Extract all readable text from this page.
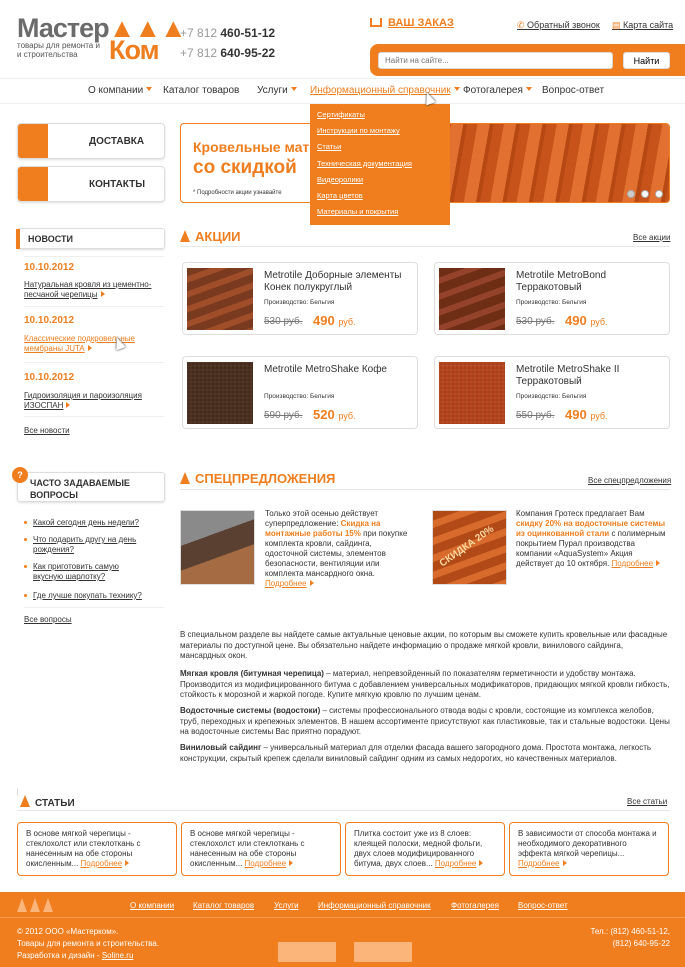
Мастер▲▲▲
товары для ремонта и
и строительства Ком
+7 812 460-51-12
+7 812 640-95-22
ВАШ ЗАКАЗ	✆ Обратный звонок ▤ Карта сайта
Найти на сайте...
Найти
О компании	Каталог товаров Услуги	Информационный справочник	Фотогалерея	Вопрос-ответ
ДОСТАВКА
КОНТАКТЫ
НОВОСТИ
10.10.2012
Натуральная кровля из цементно-песчаной черепицы
10.10.2012
Классические подкровельные мембраны JUTA
10.10.2012
Гидроизоляция и пароизоляция ИЗОСПАН
Все новости
ЧАСТО ЗАДАВАЕМЫЕ ВОПРОСЫ
?
Какой сегодня день недели?
Что подарить другу на день рождения?
Как приготовить самую вкусную шарлотку?
Где лучше покупать технику?
Все вопросы
Кровельные мат
со скидкой
* Подробности акции узнавайте
Сертификаты
Инструкции по монтажу
Статьи
Техническая документация
Видеоролики
Карта цветов
Материалы и покрытия
АКЦИИ	Все акции
Metrotile Доборные элементы Конек полукруглый
Производство: Бельгия
530 руб. 490 руб.
Metrotile MetroBond Терракотовый
Производство: Бельгия
530 руб. 490 руб.
Metrotile MetroShake Кофе
Производство: Бельгия
590 руб. 520 руб.
Metrotile MetroShake II Терракотовый
Производство: Бельгия
550 руб. 490 руб.
СПЕЦПРЕДЛОЖЕНИЯ	Все спецпредложения
Только этой осенью действует суперпредложение: Скидка на монтажные работы 15% при покупке комплекта кровли, сайдинга, одосточной системы, элементов безопасности, вентиляции или комплекта мансардного окна. Подробнее
СКИДКА 20%
Компания Гротеск предлагает Вам скидку 20% на водосточные системы из оцинкованной стали с полимерным покрытием Пурал производства компании «AquaSystem» Акция действует до 10 октября. Подробнее
В специальном разделе вы найдете самые актуальные ценовые акции, по которым вы сможете купить кровельные или фасадные материалы по доступной цене. Вы обязательно найдете информацию о продаже мягкой кровли, винилового сайдинга, мансардных окон.
Мягкая кровля (битумная черепица) – материал, непревзойденный по показателям герметичности и удобству монтажа. Производится из модифицированного битума с добавлением универсальных модификаторов, придающих мягкой кровли гибкость, стойкость к морозной и жаркой погоде. Купите мягкую кровлю по лучшим ценам.
Водосточные системы (водостоки) – системы профессионального отвода воды с кровли, состоящие из комплекса желобов, труб, переходных и крепежных элементов. В нашем ассортименте присутствуют как пластиковые, так и стальные водостоки. Цены на водосточные системы Вас приятно порадуют.
Виниловый сайдинг – универсальный материал для отделки фасада вашего загородного дома. Простота монтажа, легкость конструкции, скрытый крепеж сделали виниловый сайдинг одним из самых недорогих, но качественных материалов.
СТАТЬИ	Все статьи
В основе мягкой черепицы - стеклохолст или стеклоткань с нанесенным на обе стороны окисленным... Подробнее
В основе мягкой черепицы - стеклохолст или стеклоткань с нанесенным на обе стороны окисленным... Подробнее
Плитка состоит уже из 8 слоев: клеящей полоски, медной фольги, двух слоев модифицированного битума, двух слоев... Подробнее
В зависимости от способа монтажа и необходимого декоративного эффекта мягкой черепицы... Подробнее
О компании Каталог товаров Услуги Информационный справочник	Фотогалерея Вопрос-ответ
© 2012 ООО «Мастерком».
Товары для ремонта и строительства.
Разработка и дизайн - Soline.ru
Тел.: (812) 460-51-12,
(812) 640-95-22
